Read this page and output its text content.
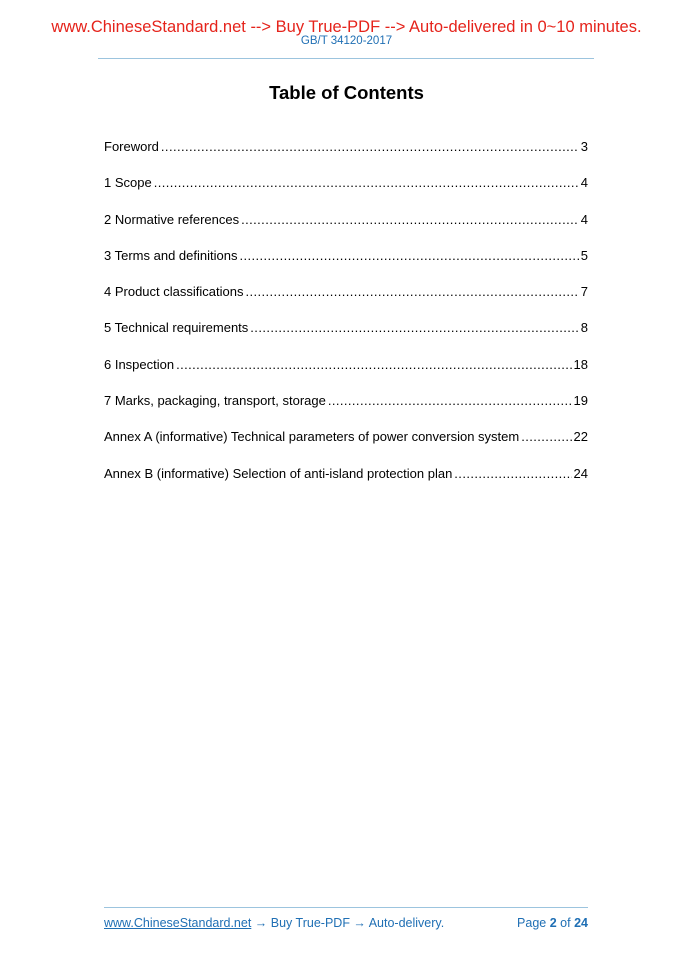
www.ChineseStandard.net --> Buy True-PDF --> Auto-delivered in 0~10 minutes.
GB/T 34120-2017
Table of Contents
Foreword .....	3
1 Scope .....	4
2 Normative references .....	4
3 Terms and definitions .....	5
4 Product classifications .....	7
5 Technical requirements .....	8
6 Inspection .....	18
7 Marks, packaging, transport, storage .....	19
Annex A (informative) Technical parameters of power conversion system .....	22
Annex B (informative) Selection of anti-island protection plan .....	24
www.ChineseStandard.net → Buy True-PDF → Auto-delivery.	Page 2 of 24
